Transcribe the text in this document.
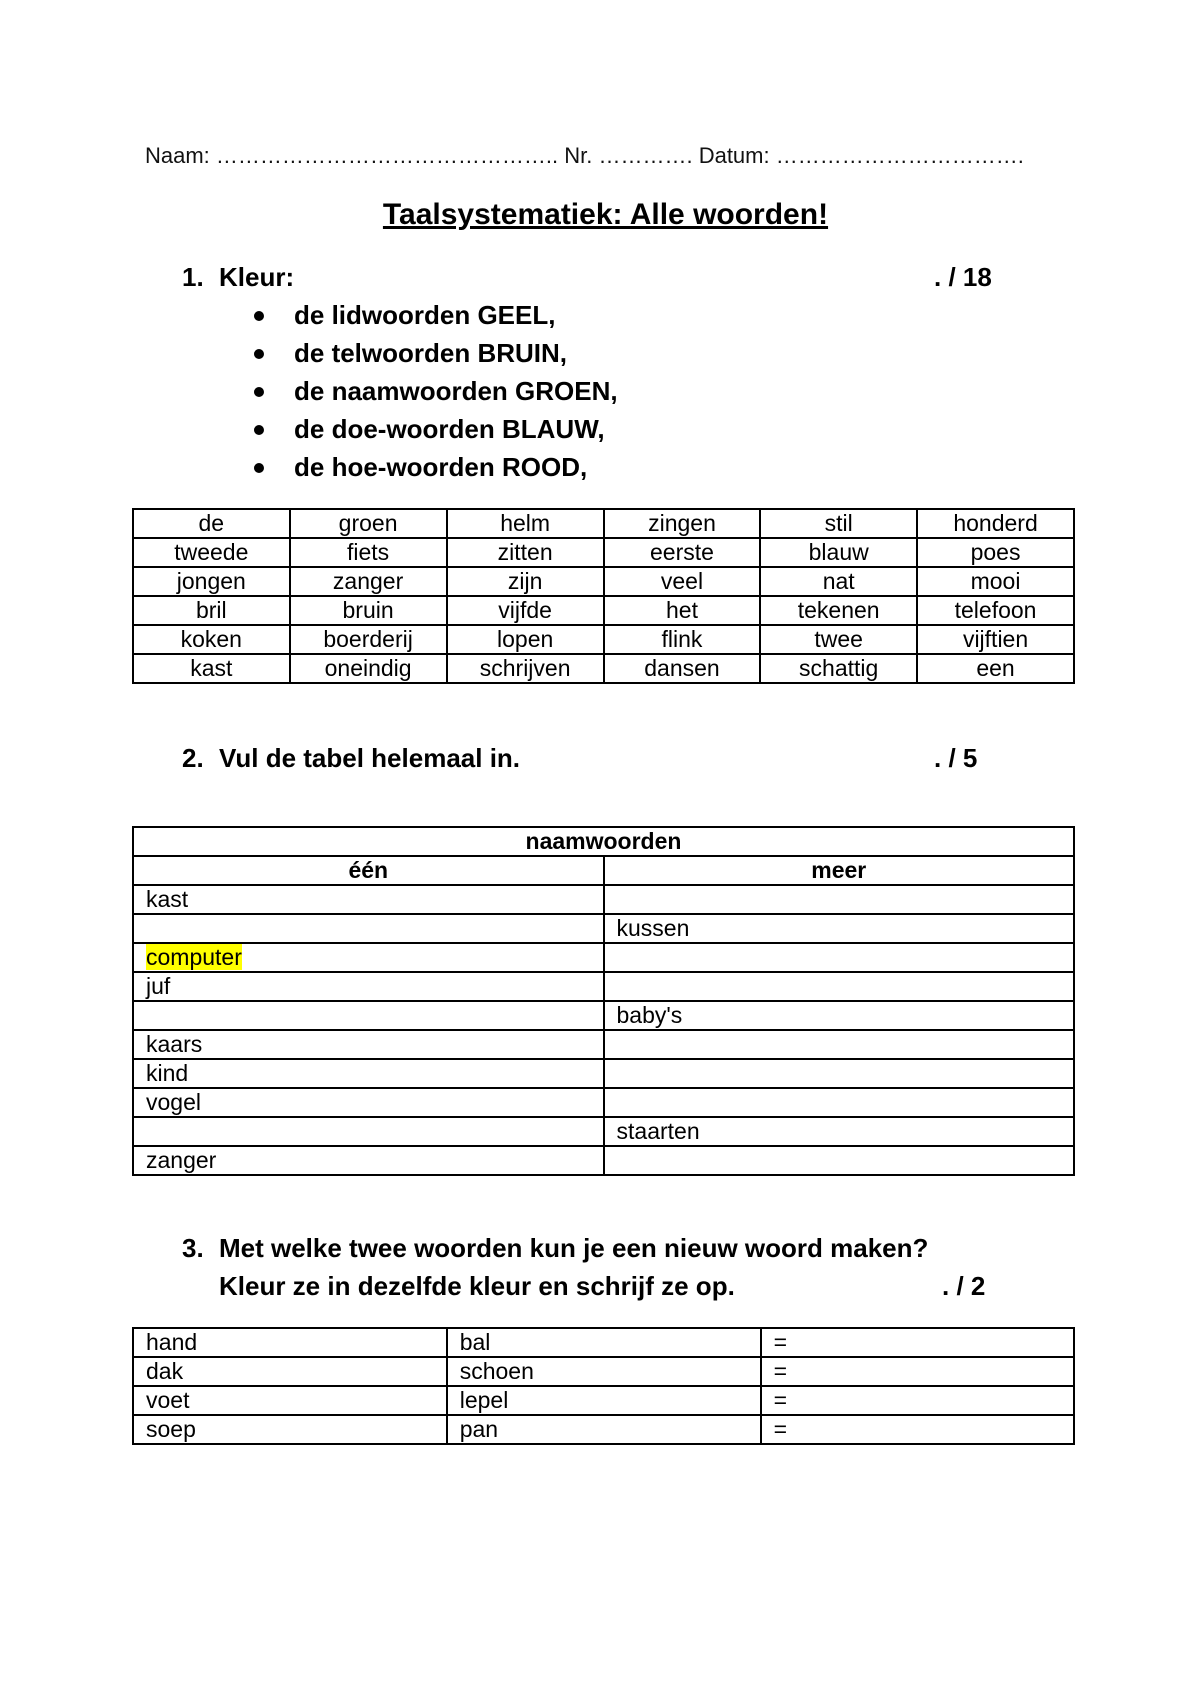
Naam: ……………………………………….. Nr. …………. Datum: …………………………….
Taalsystematiek: Alle woorden!
1. Kleur:	. / 18
de lidwoorden GEEL,
de telwoorden BRUIN,
de naamwoorden GROEN,
de doe-woorden BLAUW,
de hoe-woorden ROOD,
de	groen	helm	zingen	stil	honderd
tweede	fiets	zitten	eerste	blauw	poes
jongen	zanger	zijn	veel	nat	mooi
bril	bruin	vijfde	het	tekenen	telefoon
koken	boerderij	lopen	flink	twee	vijftien
kast	oneindig	schrijven	dansen	schattig	een
2. Vul de tabel helemaal in.	. / 5
naamwoorden	
één	meer
kast	
	kussen
computer	
juf	
	baby's
kaars	
kind	
vogel	
	staarten
zanger	
3. Met welke twee woorden kun je een nieuw woord maken?
Kleur ze in dezelfde kleur en schrijf ze op.	. / 2
hand	bal	=
dak	schoen	=
voet	lepel	=
soep	pan	=
